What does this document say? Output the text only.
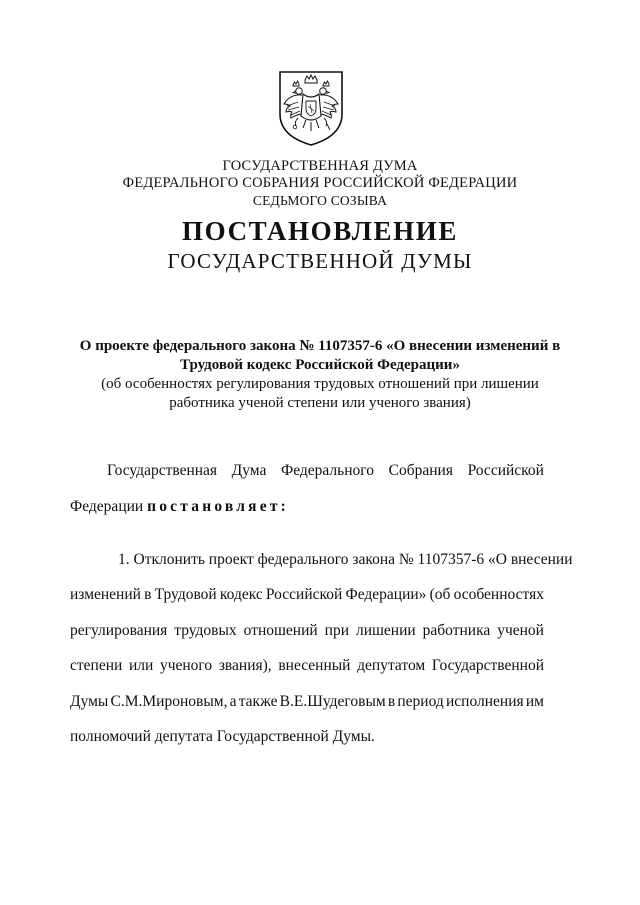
ГОСУДАРСТВЕННАЯ ДУМА
ФЕДЕРАЛЬНОГО СОБРАНИЯ РОССИЙСКОЙ ФЕДЕРАЦИИ
СЕДЬМОГО СОЗЫВА
ПОСТАНОВЛЕНИЕ
ГОСУДАРСТВЕННОЙ ДУМЫ
О проекте федерального закона № 1107357-6 «О внесении изменений в
Трудовой кодекс Российской Федерации»
(об особенностях регулирования трудовых отношений при лишении
работника ученой степени или ученого звания)
Государственная Дума Федерального Собрания Российской
Федерации постановляет:
1. Отклонить проект федерального закона № 1107357-6 «О внесении
изменений в Трудовой кодекс Российской Федерации» (об особенностях
регулирования трудовых отношений при лишении работника ученой
степени или ученого звания), внесенный депутатом Государственной
Думы С.М.Мироновым, а также В.Е.Шудеговым в период исполнения им
полномочий депутата Государственной Думы.
